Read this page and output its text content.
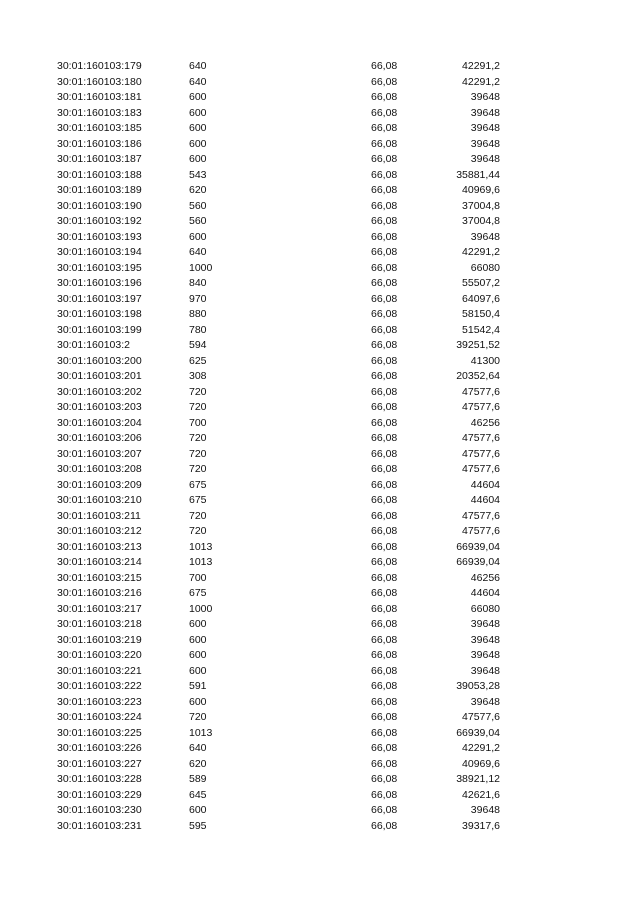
30:01:160103:179	640	66,08	42291,2
30:01:160103:180	640	66,08	42291,2
30:01:160103:181	600	66,08	39648
30:01:160103:183	600	66,08	39648
30:01:160103:185	600	66,08	39648
30:01:160103:186	600	66,08	39648
30:01:160103:187	600	66,08	39648
30:01:160103:188	543	66,08	35881,44
30:01:160103:189	620	66,08	40969,6
30:01:160103:190	560	66,08	37004,8
30:01:160103:192	560	66,08	37004,8
30:01:160103:193	600	66,08	39648
30:01:160103:194	640	66,08	42291,2
30:01:160103:195	1000	66,08	66080
30:01:160103:196	840	66,08	55507,2
30:01:160103:197	970	66,08	64097,6
30:01:160103:198	880	66,08	58150,4
30:01:160103:199	780	66,08	51542,4
30:01:160103:2	594	66,08	39251,52
30:01:160103:200	625	66,08	41300
30:01:160103:201	308	66,08	20352,64
30:01:160103:202	720	66,08	47577,6
30:01:160103:203	720	66,08	47577,6
30:01:160103:204	700	66,08	46256
30:01:160103:206	720	66,08	47577,6
30:01:160103:207	720	66,08	47577,6
30:01:160103:208	720	66,08	47577,6
30:01:160103:209	675	66,08	44604
30:01:160103:210	675	66,08	44604
30:01:160103:211	720	66,08	47577,6
30:01:160103:212	720	66,08	47577,6
30:01:160103:213	1013	66,08	66939,04
30:01:160103:214	1013	66,08	66939,04
30:01:160103:215	700	66,08	46256
30:01:160103:216	675	66,08	44604
30:01:160103:217	1000	66,08	66080
30:01:160103:218	600	66,08	39648
30:01:160103:219	600	66,08	39648
30:01:160103:220	600	66,08	39648
30:01:160103:221	600	66,08	39648
30:01:160103:222	591	66,08	39053,28
30:01:160103:223	600	66,08	39648
30:01:160103:224	720	66,08	47577,6
30:01:160103:225	1013	66,08	66939,04
30:01:160103:226	640	66,08	42291,2
30:01:160103:227	620	66,08	40969,6
30:01:160103:228	589	66,08	38921,12
30:01:160103:229	645	66,08	42621,6
30:01:160103:230	600	66,08	39648
30:01:160103:231	595	66,08	39317,6
